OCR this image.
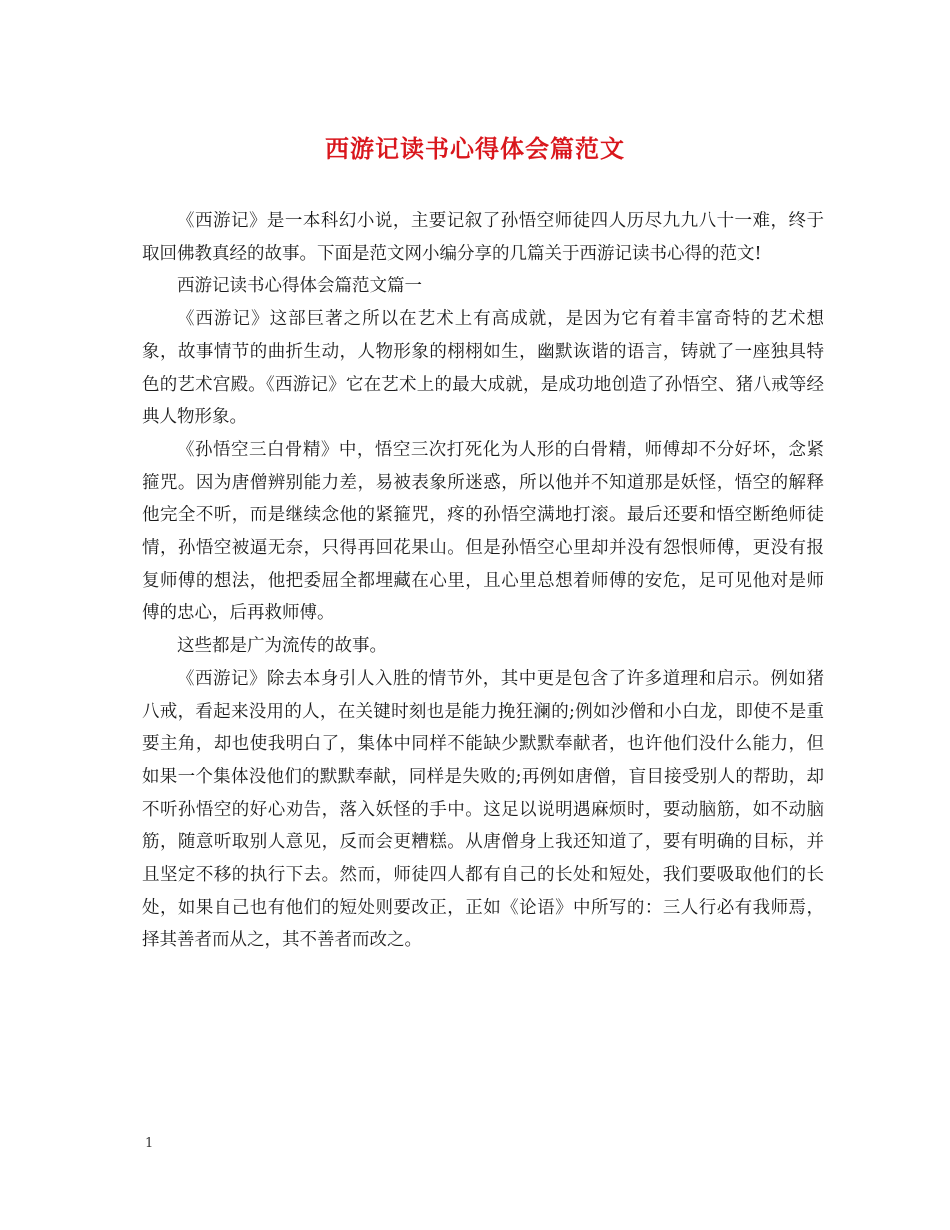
西游记读书心得体会篇范文

《西游记》是一本科幻小说，主要记叙了孙悟空师徒四人历尽九九八十一难，终于取回佛教真经的故事。下面是范文网小编分享的几篇关于西游记读书心得的范文!

西游记读书心得体会篇范文篇一

《西游记》这部巨著之所以在艺术上有高成就，是因为它有着丰富奇特的艺术想象，故事情节的曲折生动，人物形象的栩栩如生，幽默诙谐的语言，铸就了一座独具特色的艺术宫殿。《西游记》它在艺术上的最大成就，是成功地创造了孙悟空、猪八戒等经典人物形象。

《孙悟空三白骨精》中，悟空三次打死化为人形的白骨精，师傅却不分好坏，念紧箍咒。因为唐僧辨别能力差，易被表象所迷惑，所以他并不知道那是妖怪，悟空的解释他完全不听，而是继续念他的紧箍咒，疼的孙悟空满地打滚。最后还要和悟空断绝师徒情，孙悟空被逼无奈，只得再回花果山。但是孙悟空心里却并没有怨恨师傅，更没有报复师傅的想法，他把委屈全都埋藏在心里，且心里总想着师傅的安危，足可见他对是师傅的忠心，后再救师傅。

这些都是广为流传的故事。

《西游记》除去本身引人入胜的情节外，其中更是包含了许多道理和启示。例如猪八戒，看起来没用的人，在关键时刻也是能力挽狂澜的;例如沙僧和小白龙，即使不是重要主角，却也使我明白了，集体中同样不能缺少默默奉献者，也许他们没什么能力，但如果一个集体没他们的默默奉献，同样是失败的;再例如唐僧，盲目接受别人的帮助，却不听孙悟空的好心劝告，落入妖怪的手中。这足以说明遇麻烦时，要动脑筋，如不动脑筋，随意听取别人意见，反而会更糟糕。从唐僧身上我还知道了，要有明确的目标，并且坚定不移的执行下去。然而，师徒四人都有自己的长处和短处，我们要吸取他们的长处，如果自己也有他们的短处则要改正，正如《论语》中所写的：三人行必有我师焉，择其善者而从之，其不善者而改之。

1
